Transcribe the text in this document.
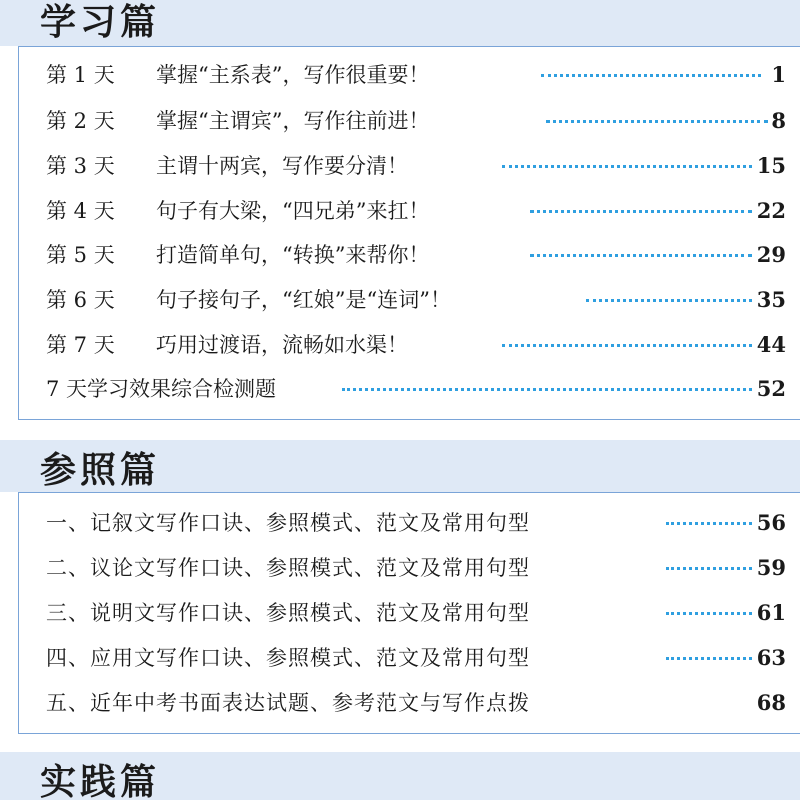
学习篇
第 1 天 掌握“主系表”，写作很重要！	1
第 2 天 掌握“主谓宾”，写作往前进！	8
第 3 天 主谓十两宾，写作要分清！	15
第 4 天 句子有大梁，“四兄弟”来扛！	22
第 5 天 打造简单句，“转换”来帮你！	29
第 6 天 句子接句子，“红娘”是“连词”！	35
第 7 天 巧用过渡语，流畅如水渠！	44
7 天学习效果综合检测题	52
参照篇
一、记叙文写作口诀、参照模式、范文及常用句型	56
二、议论文写作口诀、参照模式、范文及常用句型	59
三、说明文写作口诀、参照模式、范文及常用句型	61
四、应用文写作口诀、参照模式、范文及常用句型	63
五、近年中考书面表达试题、参考范文与写作点拨	68
实践篇
